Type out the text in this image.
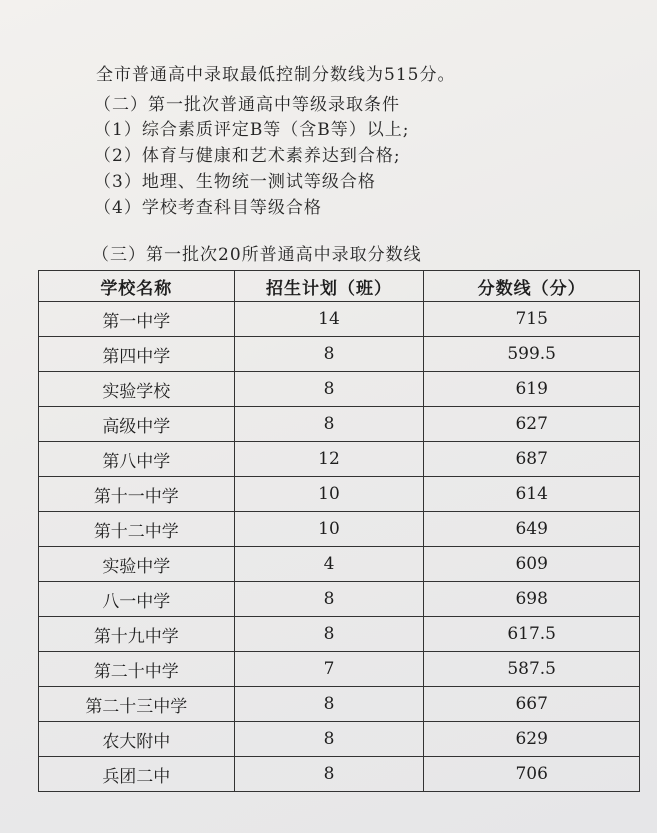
全市普通高中录取最低控制分数线为515分。
（二）第一批次普通高中等级录取条件
（1）综合素质评定B等（含B等）以上;
（2）体育与健康和艺术素养达到合格;
（3）地理、生物统一测试等级合格
（4）学校考查科目等级合格
（三）第一批次20所普通高中录取分数线
学校名称	招生计划（班）	分数线（分）
第一中学	14	715
第四中学	8	599.5
实验学校	8	619
高级中学	8	627
第八中学	12	687
第十一中学	10	614
第十二中学	10	649
实验中学	4	609
八一中学	8	698
第十九中学	8	617.5
第二十中学	7	587.5
第二十三中学	8	667
农大附中	8	629
兵团二中	8	706
